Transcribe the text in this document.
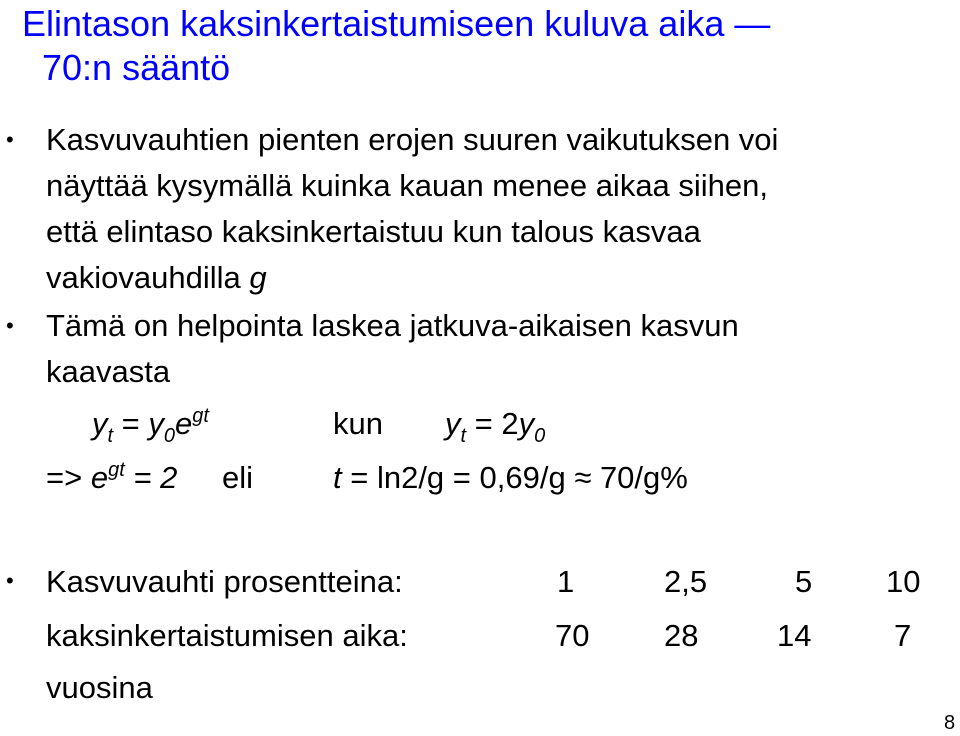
Elintason kaksinkertaistumiseen kuluva aika —
70:n sääntö
• Kasvuvauhtien pienten erojen suuren vaikutuksen voi
näyttää kysymällä kuinka kauan menee aikaa siihen,
että elintaso kaksinkertaistuu kun talous kasvaa
vakiovauhdilla g
• Tämä on helpointa laskea jatkuva-aikaisen kasvun
kaavasta
$y_t = y_0e^{gt}$	kun $y_t = 2y_0$
=> $e^{gt} = 2$ eli	t = ln2/g = 0,69/g ≈ 70/g%
• Kasvuvauhti prosentteina:	1	2,5	5 10
kaksinkertaistumisen aika:	70 28	14	7
vuosina
8
